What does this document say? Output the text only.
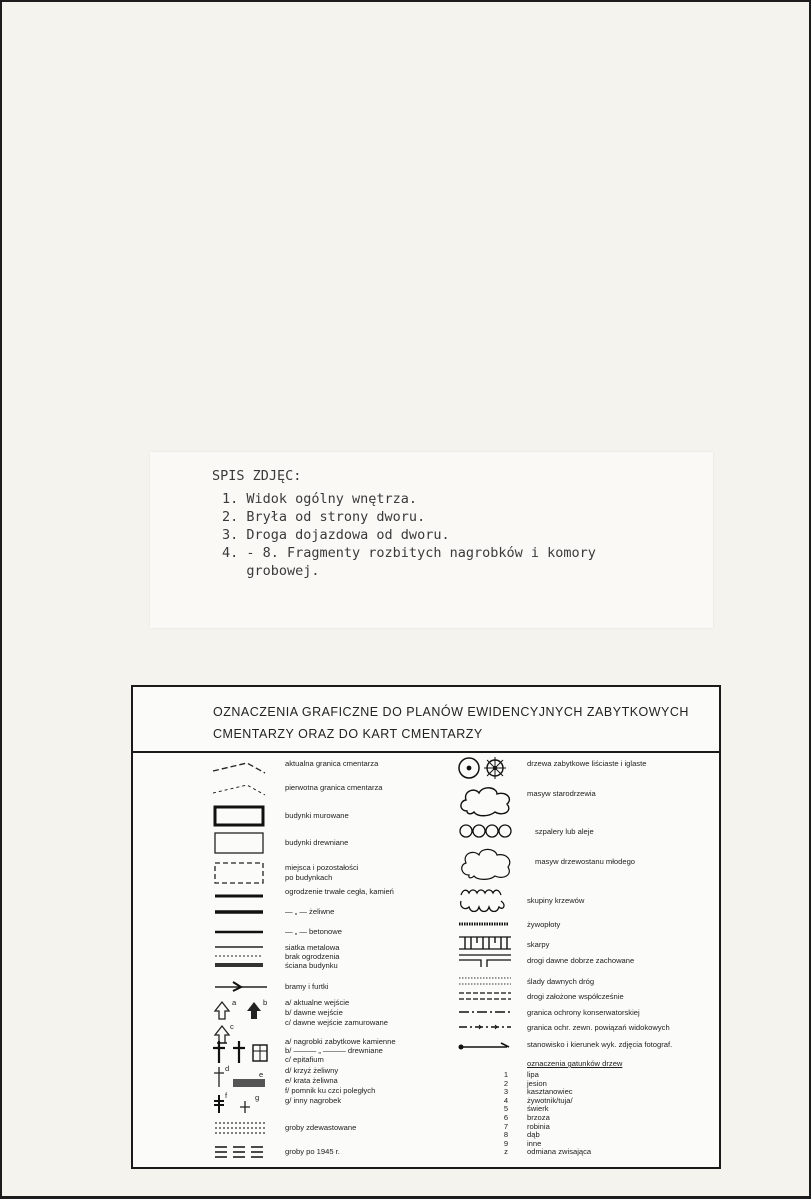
SPIS ZDJĘC:
1. Widok ogólny wnętrza.
2. Bryła od strony dworu.
3. Droga dojazdowa od dworu.
4. - 8. Fragmenty rozbitych nagrobków i komory
grobowej.
OZNACZENIA GRAFICZNE DO PLANÓW EWIDENCYJNYCH ZABYTKOWYCH
CMENTARZY ORAZ DO KART CMENTARZY
a	b
c
d
e
f	g
aktualna granica cmentarza
pierwotna granica cmentarza
budynki murowane
budynki drewniane
miejsca i pozostałości
po budynkach
ogrodzenie trwałe cegła, kamień
— „ — żeliwne
— „ — betonowe
siatka metalowa
brak ogrodzenia
ściana budynku
bramy i furtki
a/ aktualne wejście
b/ dawne wejście
c/ dawne wejście zamurowane
a/ nagrobki zabytkowe kamienne
b/ ——— „ ——— drewniane
c/ epitafium
d/ krzyż żeliwny
e/ krata żeliwna
f/ pomnik ku czci poległych
g/ inny nagrobek
groby zdewastowane
groby po 1945 r.
drzewa zabytkowe liściaste i iglaste
masyw starodrzewia
szpalery lub aleje
masyw drzewostanu młodego
skupiny krzewów
żywopłoty
skarpy
drogi dawne dobrze zachowane
ślady dawnych dróg
drogi założone współcześnie
granica ochrony konserwatorskiej
granica ochr. zewn. powiązań widokowych
stanowisko i kierunek wyk. zdjęcia fotograf.
oznaczenia gatunków drzew
1	lipa
2	jesion
3	kasztanowiec
4	żywotnik/tuja/
5	świerk
6	brzoza
7	robinia
8	dąb
9	inne
z	odmiana zwisająca
